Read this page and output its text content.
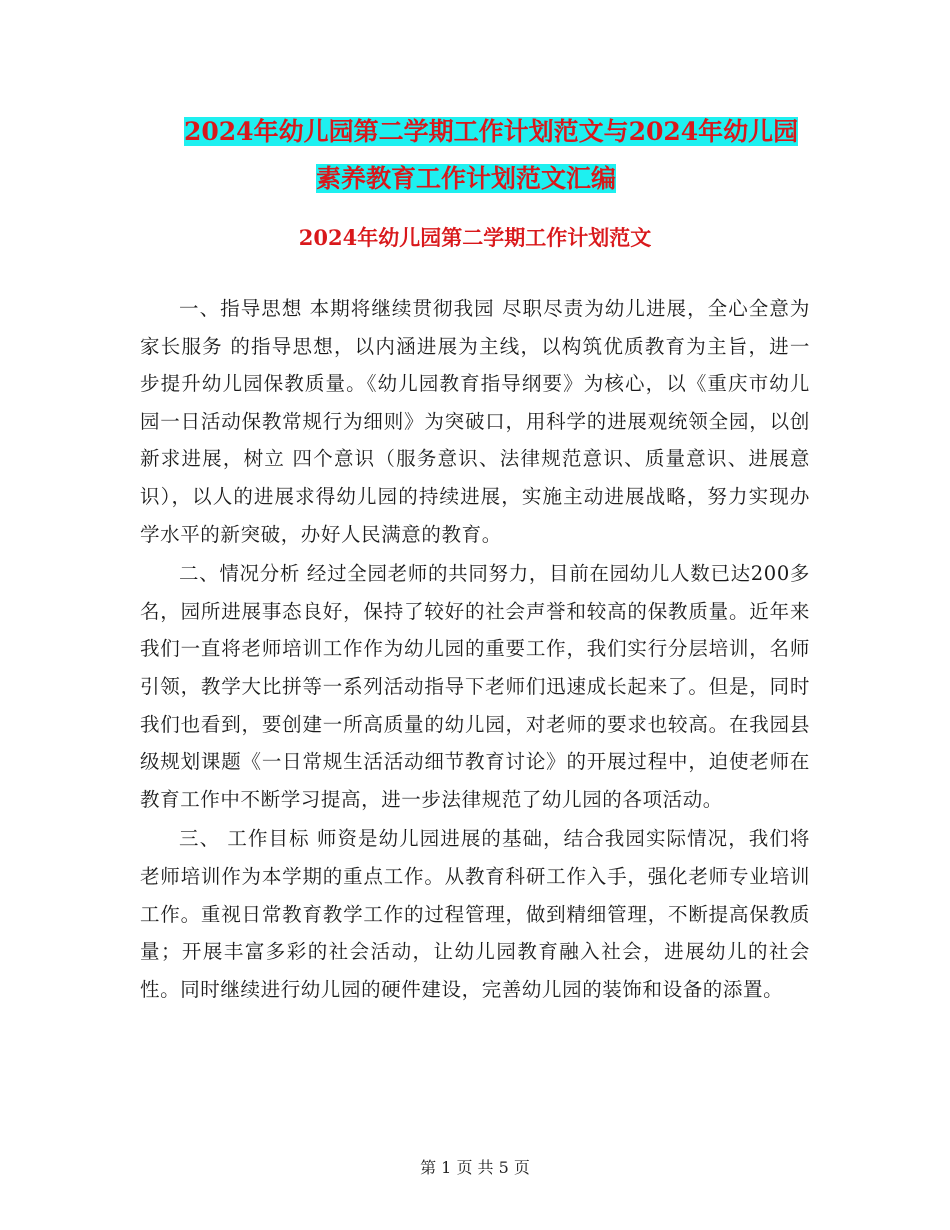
2024年幼儿园第二学期工作计划范文与2024年幼儿园
素养教育工作计划范文汇编
2024年幼儿园第二学期工作计划范文

一、指导思想 本期将继续贯彻我园 尽职尽责为幼儿进展，全心全意为家长服务 的指导思想，以内涵进展为主线，以构筑优质教育为主旨，进一步提升幼儿园保教质量。《幼儿园教育指导纲要》为核心，以《重庆市幼儿园一日活动保教常规行为细则》为突破口，用科学的进展观统领全园，以创新求进展，树立 四个意识（服务意识、法律规范意识、质量意识、进展意识），以人的进展求得幼儿园的持续进展，实施主动进展战略，努力实现办学水平的新突破，办好人民满意的教育。

二、情况分析 经过全园老师的共同努力，目前在园幼儿人数已达200多名，园所进展事态良好，保持了较好的社会声誉和较高的保教质量。近年来我们一直将老师培训工作作为幼儿园的重要工作，我们实行分层培训，名师引领，教学大比拼等一系列活动指导下老师们迅速成长起来了。但是，同时我们也看到，要创建一所高质量的幼儿园，对老师的要求也较高。在我园县级规划课题《一日常规生活活动细节教育讨论》的开展过程中，迫使老师在教育工作中不断学习提高，进一步法律规范了幼儿园的各项活动。

三、 工作目标 师资是幼儿园进展的基础，结合我园实际情况，我们将老师培训作为本学期的重点工作。从教育科研工作入手，强化老师专业培训工作。重视日常教育教学工作的过程管理，做到精细管理，不断提高保教质量；开展丰富多彩的社会活动，让幼儿园教育融入社会，进展幼儿的社会性。同时继续进行幼儿园的硬件建设，完善幼儿园的装饰和设备的添置。

第 1 页 共 5 页
